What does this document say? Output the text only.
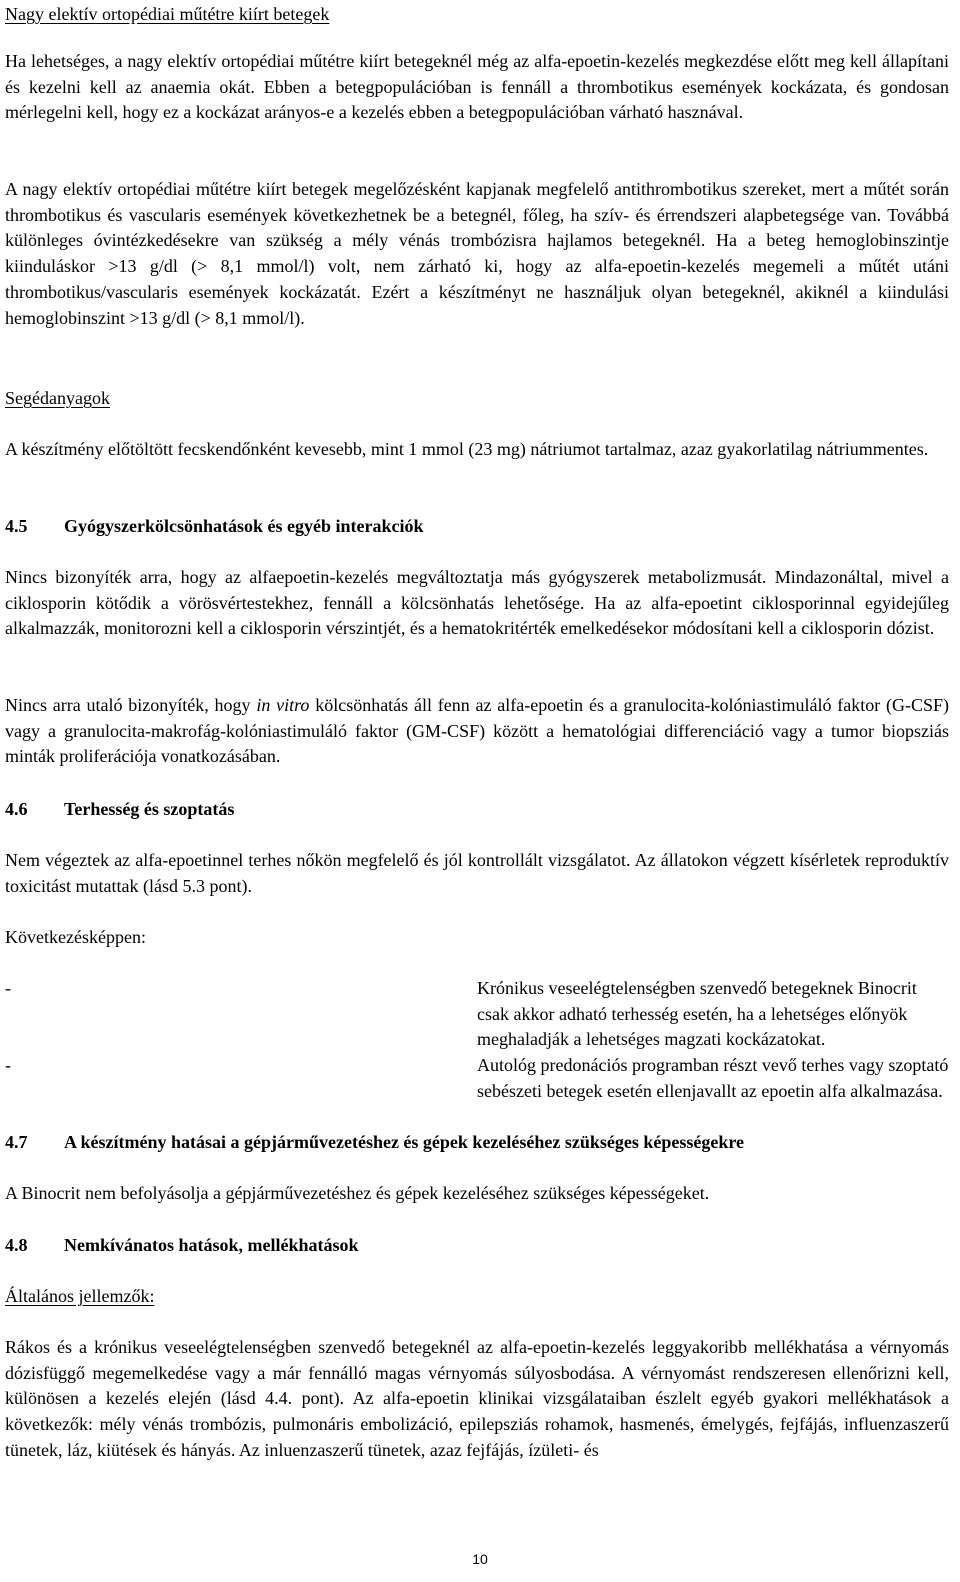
Nagy elektív ortopédiai műtétre kiírt betegek

Ha lehetséges, a nagy elektív ortopédiai műtétre kiírt betegeknél még az alfa-epoetin-kezelés megkezdése előtt meg kell állapítani és kezelni kell az anaemia okát. Ebben a betegpopulációban is fennáll a thrombotikus események kockázata, és gondosan mérlegelni kell, hogy ez a kockázat arányos-e a kezelés ebben a betegpopulációban várható hasznával.

A nagy elektív ortopédiai műtétre kiírt betegek megelőzésként kapjanak megfelelő antithrombotikus szereket, mert a műtét során thrombotikus és vascularis események következhetnek be a betegnél, főleg, ha szív- és érrendszeri alapbetegsége van. Továbbá különleges óvintézkedésekre van szükség a mély vénás trombózisra hajlamos betegeknél. Ha a beteg hemoglobinszintje kiinduláskor >13 g/dl (> 8,1 mmol/l) volt, nem zárható ki, hogy az alfa-epoetin-kezelés megemeli a műtét utáni thrombotikus/vascularis események kockázatát. Ezért a készítményt ne használjuk olyan betegeknél, akiknél a kiindulási hemoglobinszint >13 g/dl (> 8,1 mmol/l).

Segédanyagok

A készítmény előtöltött fecskendőnként kevesebb, mint 1 mmol (23 mg) nátriumot tartalmaz, azaz gyakorlatilag nátriummentes.

4.5 Gyógyszerkölcsönhatások és egyéb interakciók

Nincs bizonyíték arra, hogy az alfaepoetin-kezelés megváltoztatja más gyógyszerek metabolizmusát. Mindazonáltal, mivel a ciklosporin kötődik a vörösvértestekhez, fennáll a kölcsönhatás lehetősége. Ha az alfa-epoetint ciklosporinnal egyidejűleg alkalmazzák, monitorozni kell a ciklosporin vérszintjét, és a hematokritérték emelkedésekor módosítani kell a ciklosporin dózist.

Nincs arra utaló bizonyíték, hogy in vitro kölcsönhatás áll fenn az alfa-epoetin és a granulocita-kolóniastimuláló faktor (G-CSF) vagy a granulocita-makrofág-kolóniastimuláló faktor (GM-CSF) között a hematológiai differenciáció vagy a tumor biopsziás minták proliferációja vonatkozásában.

4.6 Terhesség és szoptatás

Nem végeztek az alfa-epoetinnel terhes nőkön megfelelő és jól kontrollált vizsgálatot. Az állatokon végzett kísérletek reproduktív toxicitást mutattak (lásd 5.3 pont).

Következésképpen:

-	Krónikus veseelégtelenségben szenvedő betegeknek Binocrit csak akkor adható terhesség esetén, ha a lehetséges előnyök meghaladják a lehetséges magzati kockázatokat.

-	Autológ predonációs programban részt vevő terhes vagy szoptató sebészeti betegek esetén ellenjavallt az epoetin alfa alkalmazása.

4.7 A készítmény hatásai a gépjárművezetéshez és gépek kezeléséhez szükséges képességekre

A Binocrit nem befolyásolja a gépjárművezetéshez és gépek kezeléséhez szükséges képességeket.

4.8 Nemkívánatos hatások, mellékhatások

Általános jellemzők:

Rákos és a krónikus veseelégtelenségben szenvedő betegeknél az alfa-epoetin-kezelés leggyakoribb mellékhatása a vérnyomás dózisfüggő megemelkedése vagy a már fennálló magas vérnyomás súlyosbodása. A vérnyomást rendszeresen ellenőrizni kell, különösen a kezelés elején (lásd 4.4. pont). Az alfa-epoetin klinikai vizsgálataiban észlelt egyéb gyakori mellékhatások a következők: mély vénás trombózis, pulmonáris embolizáció, epilepsziás rohamok, hasmenés, émelygés, fejfájás, influenzaszerű tünetek, láz, kiütések és hányás. Az inluenzaszerű tünetek, azaz fejfájás, ízületi- és

10
